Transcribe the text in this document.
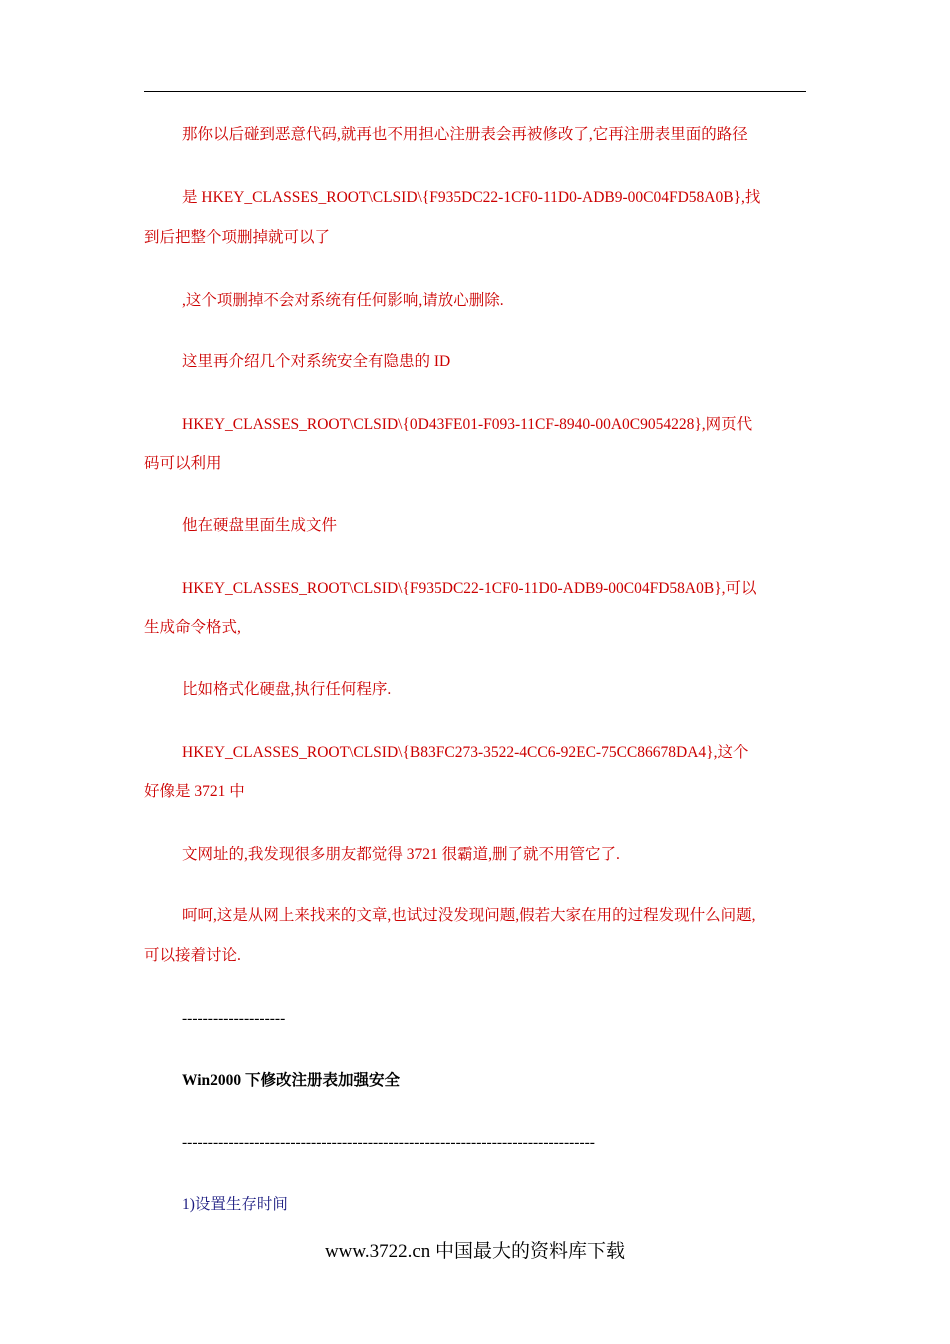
那你以后碰到恶意代码,就再也不用担心注册表会再被修改了,它再注册表里面的路径
是 HKEY_CLASSES_ROOT\CLSID\{F935DC22-1CF0-11D0-ADB9-00C04FD58A0B},找
到后把整个项删掉就可以了
,这个项删掉不会对系统有任何影响,请放心删除.
这里再介绍几个对系统安全有隐患的 ID
HKEY_CLASSES_ROOT\CLSID\{0D43FE01-F093-11CF-8940-00A0C9054228},网页代
码可以利用
他在硬盘里面生成文件
HKEY_CLASSES_ROOT\CLSID\{F935DC22-1CF0-11D0-ADB9-00C04FD58A0B},可以
生成命令格式,
比如格式化硬盘,执行任何程序.
HKEY_CLASSES_ROOT\CLSID\{B83FC273-3522-4CC6-92EC-75CC86678DA4},这个
好像是 3721 中
文网址的,我发现很多朋友都觉得 3721 很霸道,删了就不用管它了.
呵呵,这是从网上来找来的文章,也试过没发现问题,假若大家在用的过程发现什么问题,
可以接着讨论.
--------------------
Win2000 下修改注册表加强安全
--------------------------------------------------------------------------------
1)设置生存时间
www.3722.cn 中国最大的资料库下载
